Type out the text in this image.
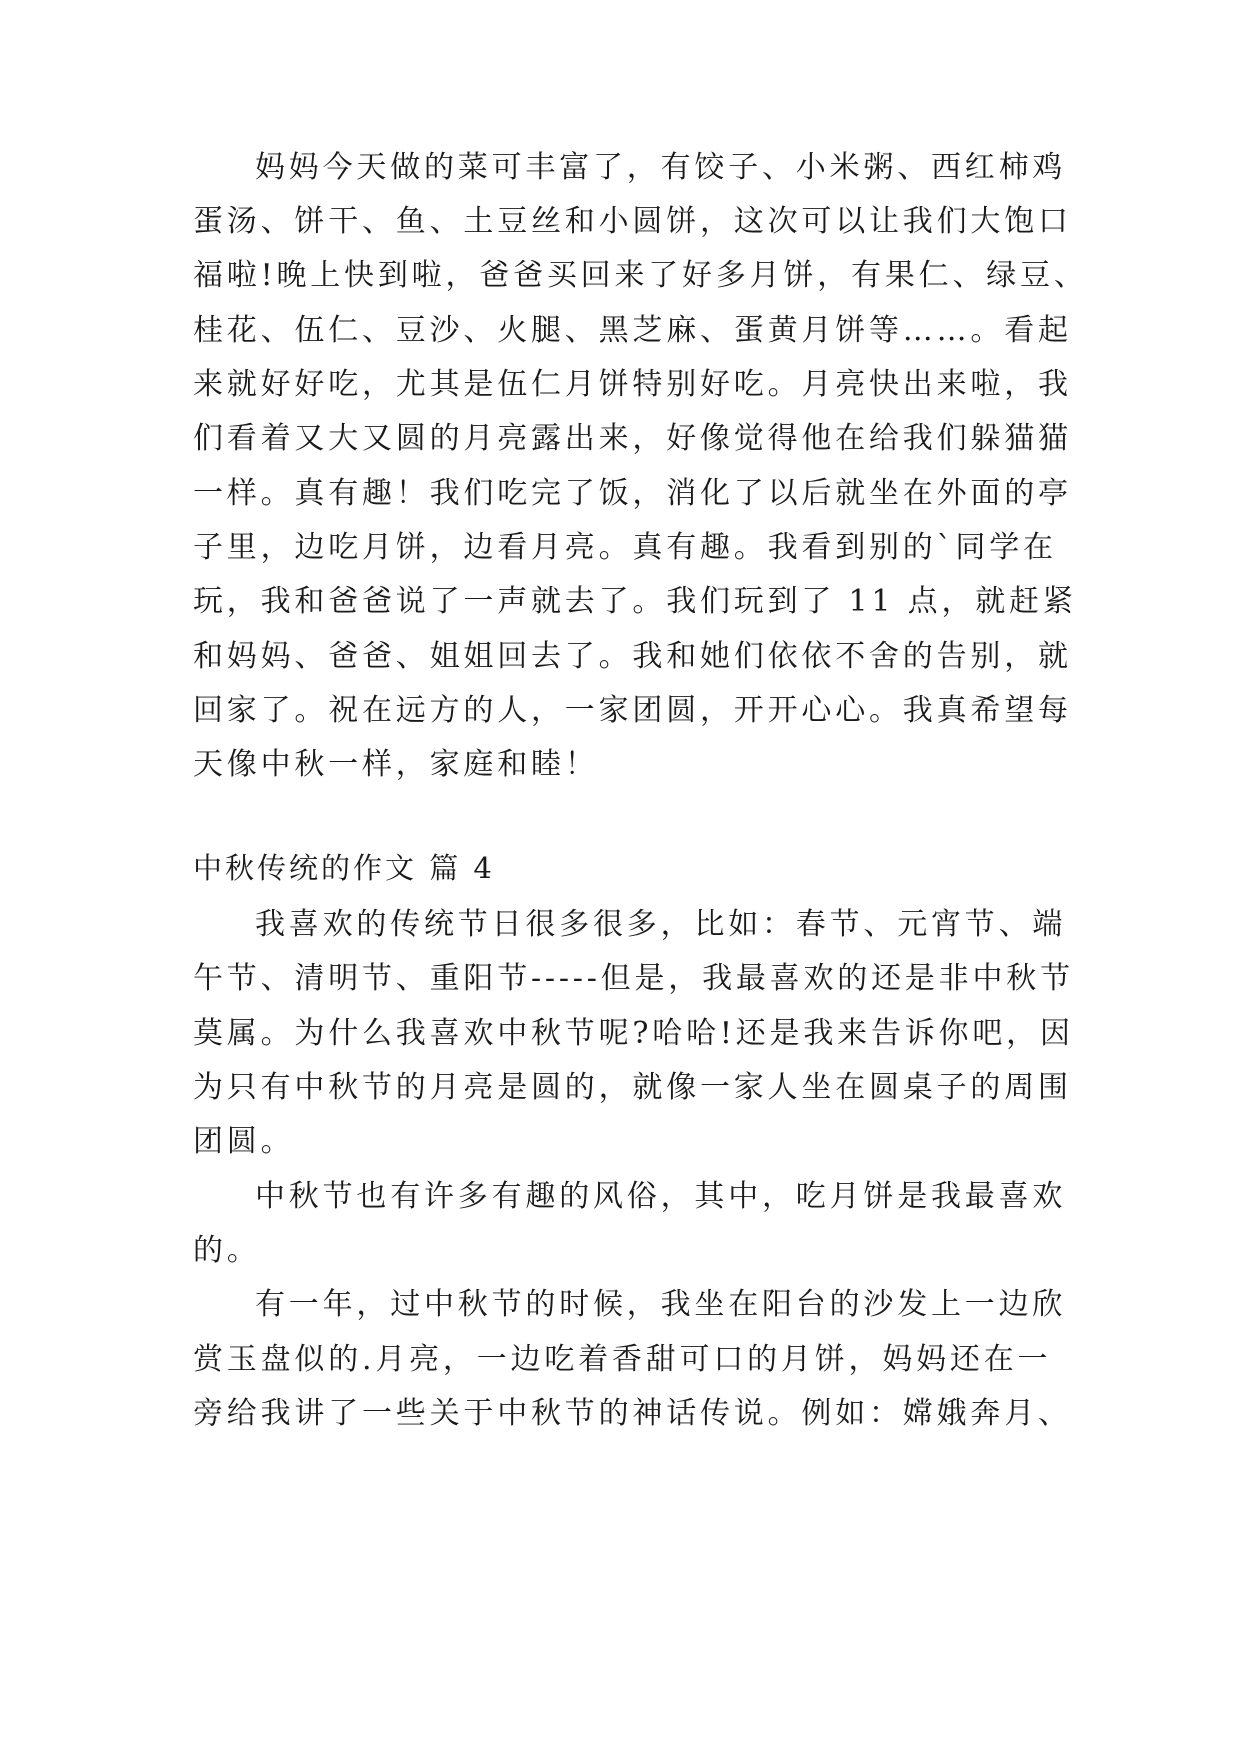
妈妈今天做的菜可丰富了，有饺子、小米粥、西红柿鸡
蛋汤、饼干、鱼、土豆丝和小圆饼，这次可以让我们大饱口
福啦!晚上快到啦，爸爸买回来了好多月饼，有果仁、绿豆、
桂花、伍仁、豆沙、火腿、黑芝麻、蛋黄月饼等……。看起
来就好好吃，尤其是伍仁月饼特别好吃。月亮快出来啦，我
们看着又大又圆的月亮露出来，好像觉得他在给我们躲猫猫
一样。真有趣！我们吃完了饭，消化了以后就坐在外面的亭
子里，边吃月饼，边看月亮。真有趣。我看到别的`同学在
玩，我和爸爸说了一声就去了。我们玩到了 11 点，就赶紧
和妈妈、爸爸、姐姐回去了。我和她们依依不舍的告别，就
回家了。祝在远方的人，一家团圆，开开心心。我真希望每
天像中秋一样，家庭和睦！
中秋传统的作文 篇 4
我喜欢的传统节日很多很多，比如：春节、元宵节、端
午节、清明节、重阳节-----但是，我最喜欢的还是非中秋节
莫属。为什么我喜欢中秋节呢?哈哈!还是我来告诉你吧，因
为只有中秋节的月亮是圆的，就像一家人坐在圆桌子的周围
团圆。
中秋节也有许多有趣的风俗，其中，吃月饼是我最喜欢
的。
有一年，过中秋节的时候，我坐在阳台的沙发上一边欣
赏玉盘似的.月亮，一边吃着香甜可口的月饼，妈妈还在一
旁给我讲了一些关于中秋节的神话传说。例如：嫦娥奔月、
